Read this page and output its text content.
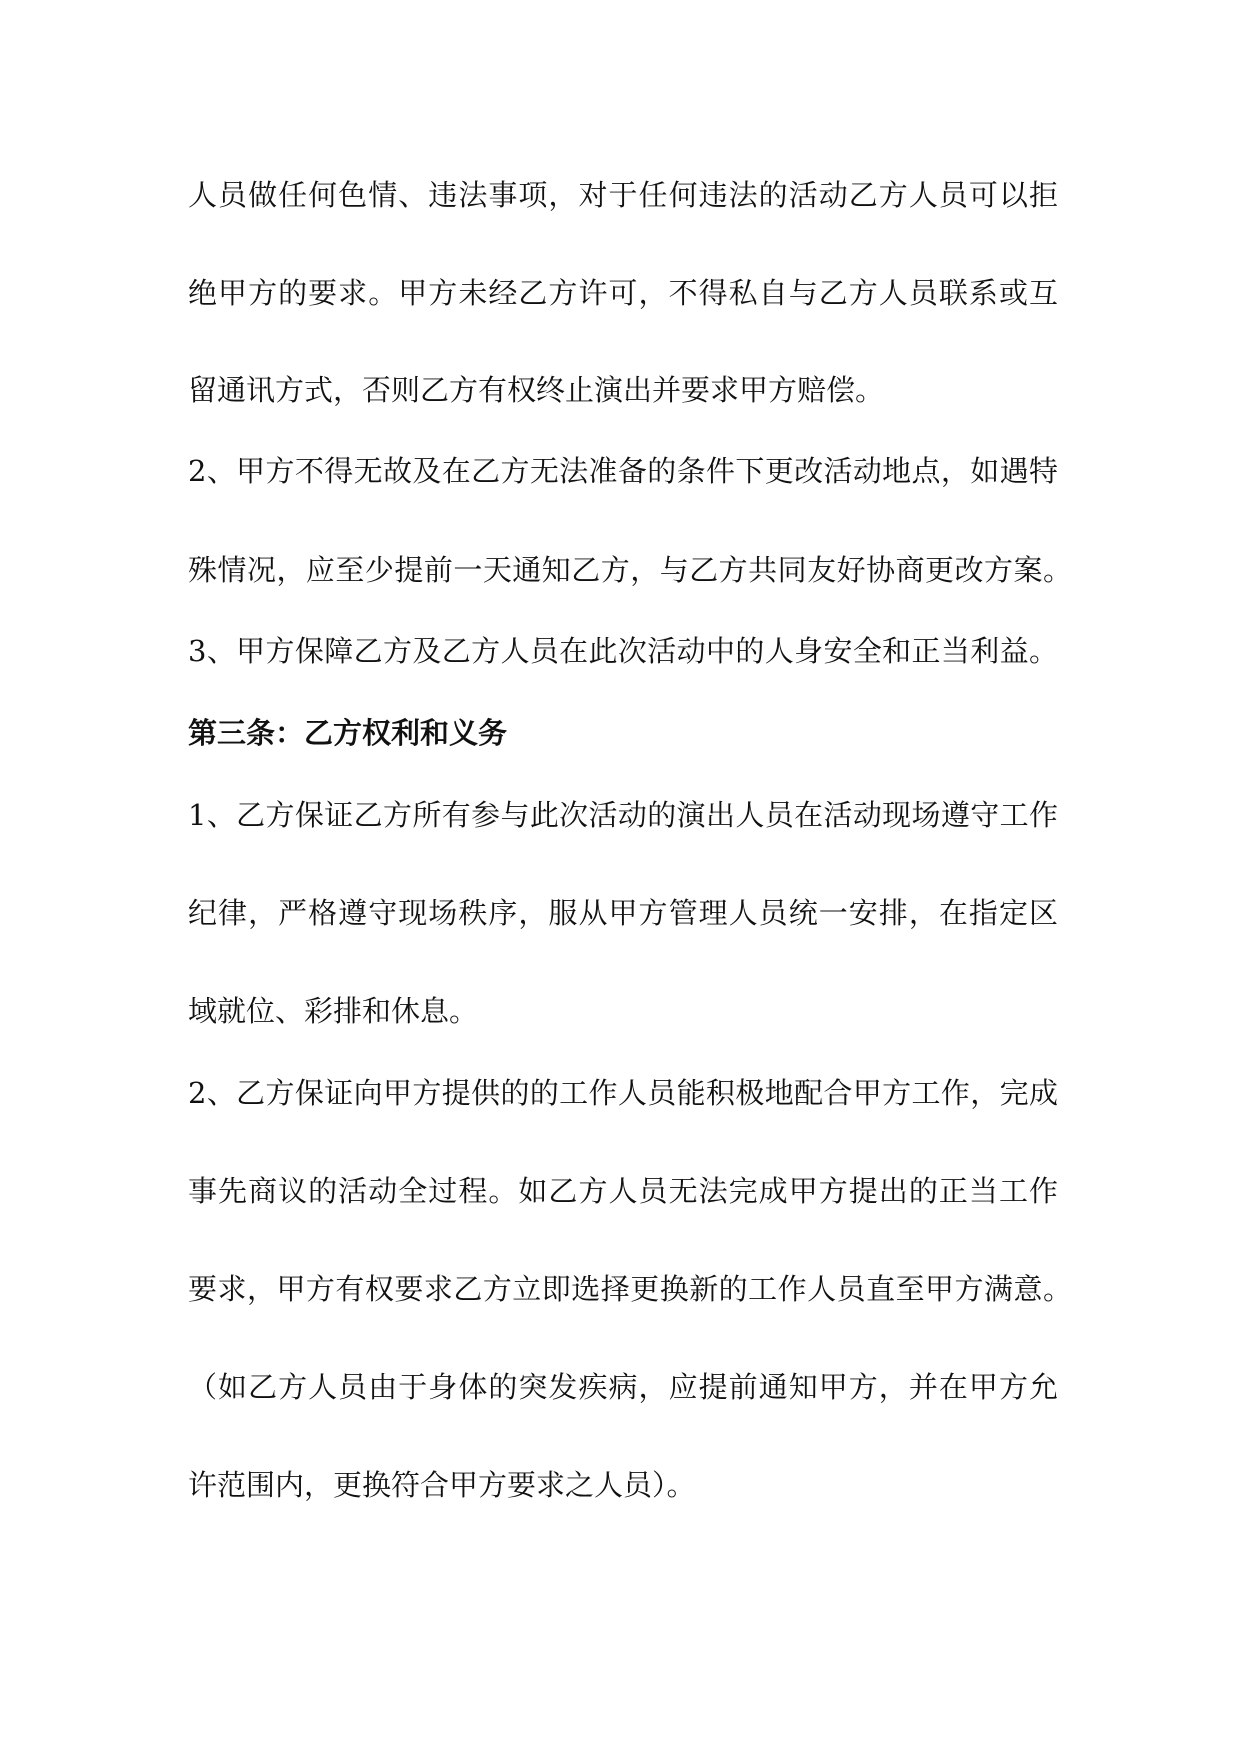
人员做任何色情、违法事项，对于任何违法的活动乙方人员可以拒
绝甲方的要求。甲方未经乙方许可，不得私自与乙方人员联系或互
留通讯方式，否则乙方有权终止演出并要求甲方赔偿。
2、甲方不得无故及在乙方无法准备的条件下更改活动地点，如遇特
殊情况，应至少提前一天通知乙方，与乙方共同友好协商更改方案。
3、甲方保障乙方及乙方人员在此次活动中的人身安全和正当利益。
第三条：乙方权利和义务
1、乙方保证乙方所有参与此次活动的演出人员在活动现场遵守工作
纪律，严格遵守现场秩序，服从甲方管理人员统一安排，在指定区
域就位、彩排和休息。
2、乙方保证向甲方提供的的工作人员能积极地配合甲方工作，完成
事先商议的活动全过程。如乙方人员无法完成甲方提出的正当工作
要求，甲方有权要求乙方立即选择更换新的工作人员直至甲方满意。
（如乙方人员由于身体的突发疾病，应提前通知甲方，并在甲方允
许范围内，更换符合甲方要求之人员）。
